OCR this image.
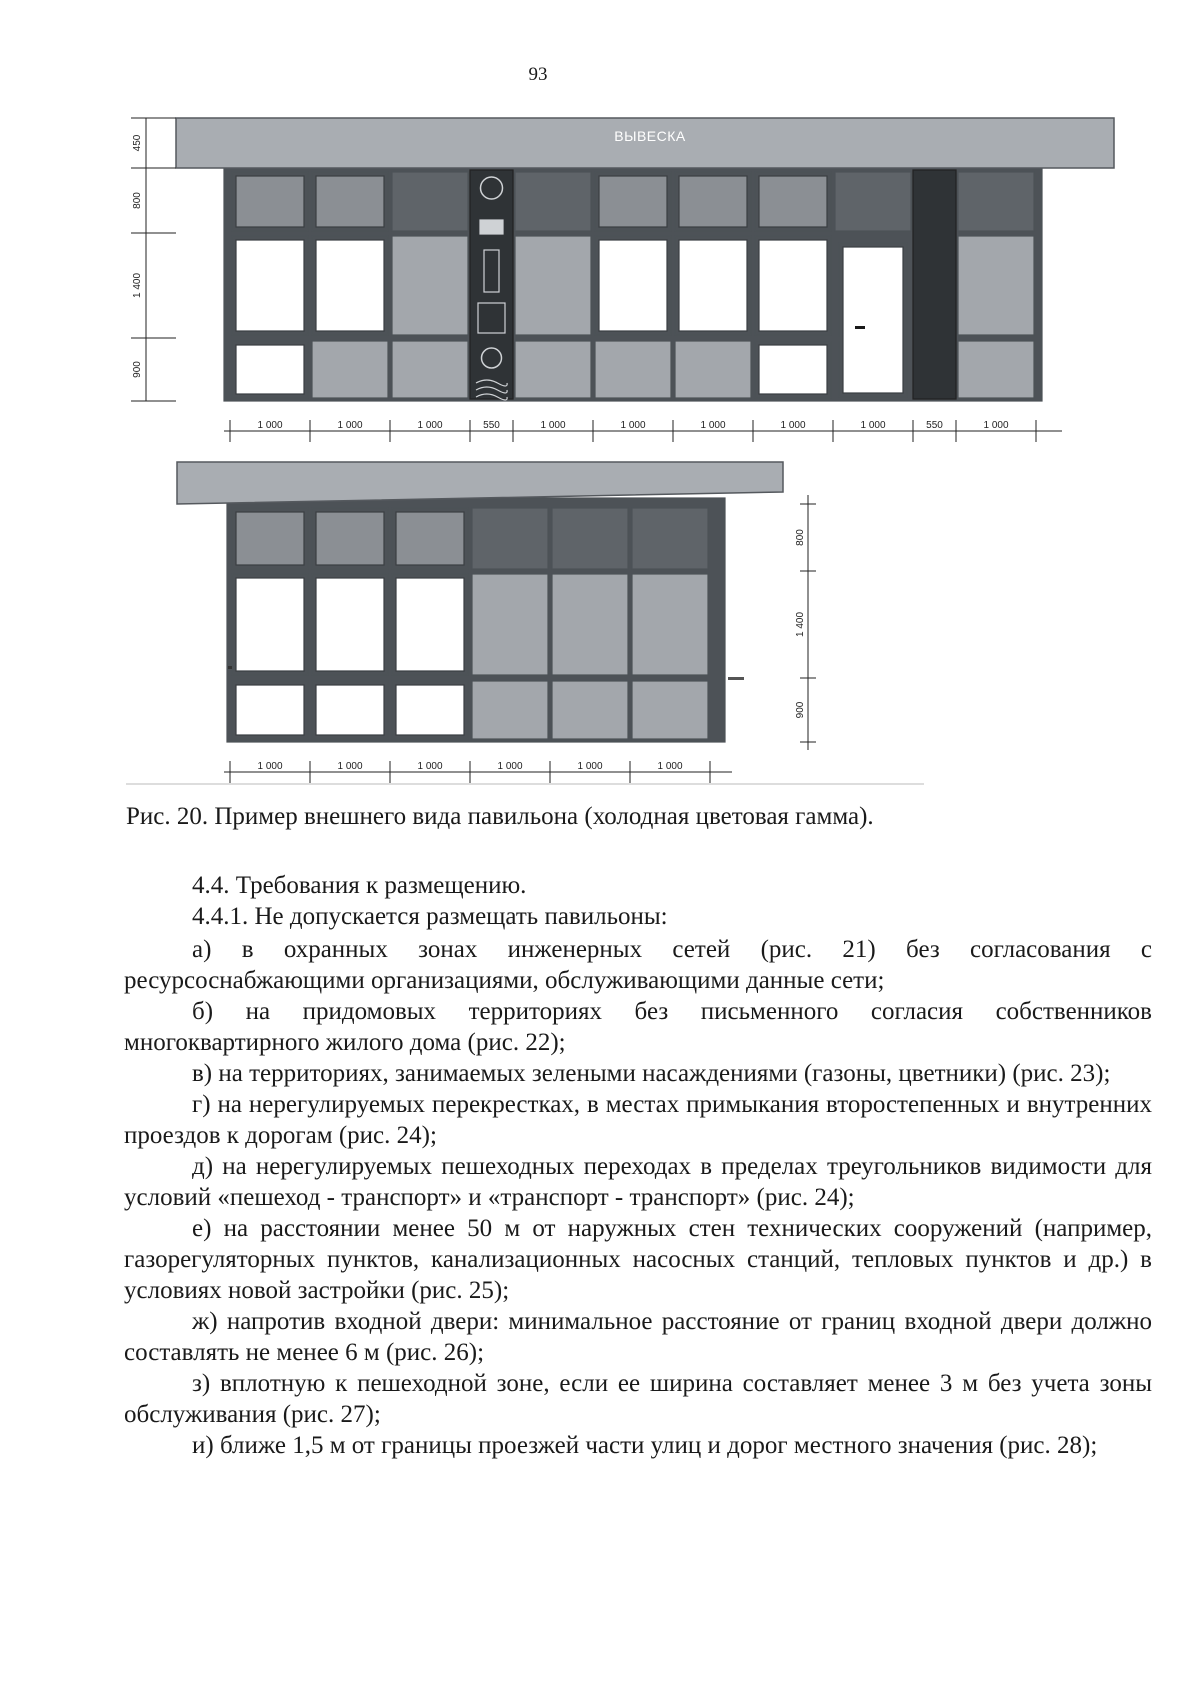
93
ВЫВЕСКА
450
800
1 400
900
1 000	1 000	1 000	550	1 000	1 000	1 000	1 000	1 000	550	1 000
800
1 400
900
1 000	1 000	1 000	1 000	1 000	1 000

Рис. 20. Пример внешнего вида павильона (холодная цветовая гамма).

4.4. Требования к размещению.

4.4.1. Не допускается размещать павильоны:

а) в охранных зонах инженерных сетей (рис. 21) без согласования с ресурсоснабжающими организациями, обслуживающими данные сети;

б) на придомовых территориях без письменного согласия собственников многоквартирного жилого дома (рис. 22);

в) на территориях, занимаемых зелеными насаждениями (газоны, цветники) (рис. 23);

г) на нерегулируемых перекрестках, в местах примыкания второстепенных и внутренних проездов к дорогам (рис. 24);

д) на нерегулируемых пешеходных переходах в пределах треугольников видимости для условий «пешеход - транспорт» и «транспорт - транспорт» (рис. 24);

е) на расстоянии менее 50 м от наружных стен технических сооружений (например, газорегуляторных пунктов, канализационных насосных станций, тепловых пунктов и др.) в условиях новой застройки (рис. 25);

ж) напротив входной двери: минимальное расстояние от границ входной двери должно составлять не менее 6 м (рис. 26);

з) вплотную к пешеходной зоне, если ее ширина составляет менее 3 м без учета зоны обслуживания (рис. 27);

и) ближе 1,5 м от границы проезжей части улиц и дорог местного значения (рис. 28);
